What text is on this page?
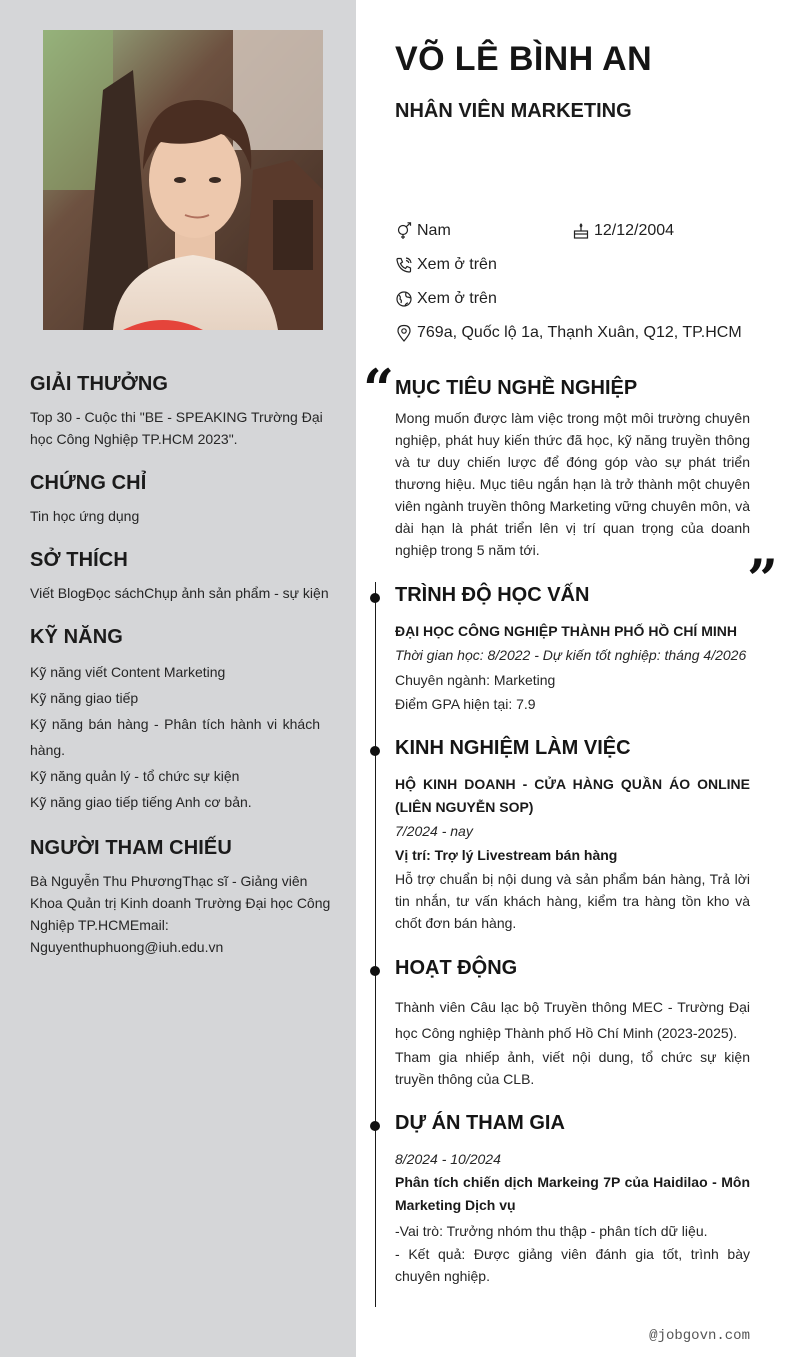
GIẢI THƯỞNG
Top 30 - Cuộc thi "BE - SPEAKING Trường Đại học Công Nghiệp TP.HCM 2023".
CHỨNG CHỈ
Tin học ứng dụng
SỞ THÍCH
Viết BlogĐọc sáchChụp ảnh sản phẩm - sự kiện
KỸ NĂNG
Kỹ năng viết Content Marketing
Kỹ năng giao tiếp
Kỹ năng bán hàng - Phân tích hành vi khách hàng.
Kỹ năng quản lý - tổ chức sự kiện
Kỹ năng giao tiếp tiếng Anh cơ bản.
NGƯỜI THAM CHIẾU
Bà Nguyễn Thu PhươngThạc sĩ - Giảng viên Khoa Quản trị Kinh doanh Trường Đại học Công Nghiệp TP.HCMEmail: Nguyenthuphuong@iuh.edu.vn
VÕ LÊ BÌNH AN
NHÂN VIÊN MARKETING
Nam	12/12/2004
Xem ở trên
Xem ở trên
769a, Quốc lộ 1a, Thạnh Xuân, Q12, TP.HCM
“ MỤC TIÊU NGHỀ NGHIỆP
Mong muốn được làm việc trong một môi trường chuyên nghiệp, phát huy kiến thức đã học, kỹ năng truyền thông và tư duy chiến lược để đóng góp vào sự phát triển thương hiệu. Mục tiêu ngắn hạn là trở thành một chuyên viên ngành truyền thông Marketing vững chuyên môn, và dài hạn là phát triển lên vị trí quan trọng của doanh nghiệp trong 5 năm tới.	”
TRÌNH ĐỘ HỌC VẤN
ĐẠI HỌC CÔNG NGHIỆP THÀNH PHỐ HỒ CHÍ MINH
Thời gian học: 8/2022 - Dự kiến tốt nghiệp: tháng 4/2026
Chuyên ngành: Marketing
Điểm GPA hiện tại: 7.9
KINH NGHIỆM LÀM VIỆC
HỘ KINH DOANH - CỬA HÀNG QUẦN ÁO ONLINE (LIÊN NGUYỄN SOP)
7/2024 - nay
Vị trí: Trợ lý Livestream bán hàng
Hỗ trợ chuẩn bị nội dung và sản phẩm bán hàng, Trả lời tin nhắn, tư vấn khách hàng, kiểm tra hàng tồn kho và chốt đơn bán hàng.
HOẠT ĐỘNG
Thành viên Câu lạc bộ Truyền thông MEC - Trường Đại học Công nghiệp Thành phố Hồ Chí Minh (2023-2025).
Tham gia nhiếp ảnh, viết nội dung, tổ chức sự kiện truyền thông của CLB.
DỰ ÁN THAM GIA
8/2024 - 10/2024
Phân tích chiến dịch Markeing 7P của Haidilao - Môn Marketing Dịch vụ
-Vai trò: Trưởng nhóm thu thập - phân tích dữ liệu.
- Kết quả: Được giảng viên đánh gia tốt, trình bày chuyên nghiệp.
@jobgovn.com
